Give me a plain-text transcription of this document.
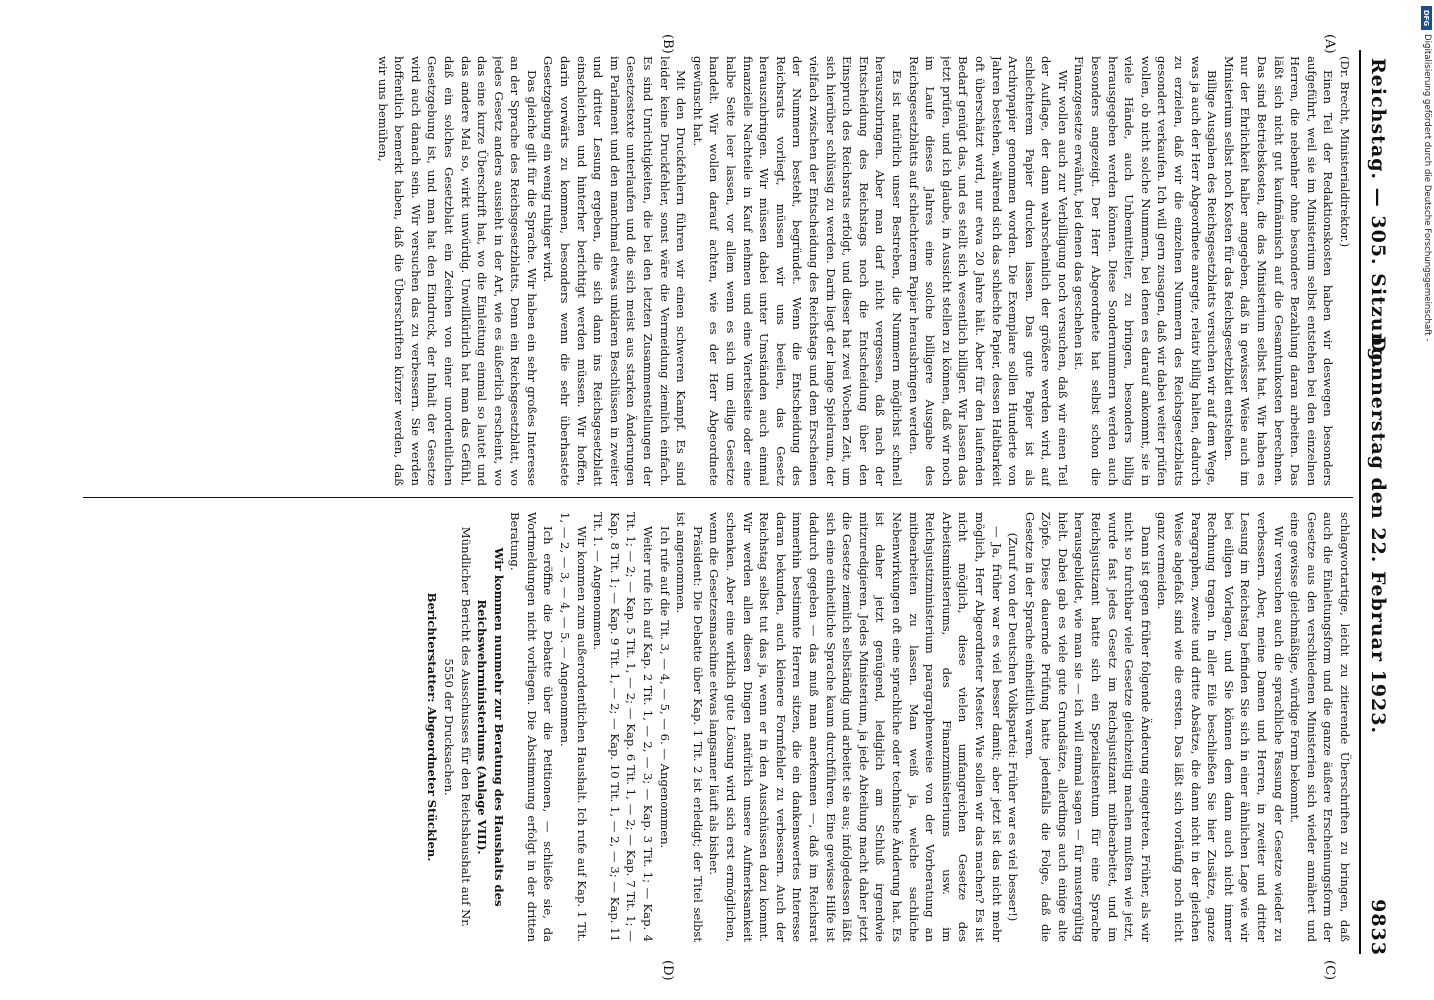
Reichstag. — 305. Sitzung.
Donnerstag den 22. Februar 1923.
9833
(A)
(B)
(C)
(D)

(Dr. Brecht, Ministerialdirektor.)

Einen Teil der Redaktionskosten haben wir deswegen besonders aufgeführt, weil sie im Ministerium selbst entstehen bei den einzelnen Herren, die nebenher ohne besondere Bezahlung daran arbeiten. Das läßt sich nicht gut kaufmännisch auf die Gesamtunkosten berechnen. Das sind Betriebskosten, die das Ministerium selbst hat. Wir haben es nur der Ehrlichkeit halber angegeben, daß in gewisser Weise auch im Ministerium selbst noch Kosten für das Reichsgesetzblatt entstehen.

Billige Ausgaben des Reichsgesetzblatts versuchen wir auf dem Wege, was ja auch der Herr Abgeordnete anregte, relativ billig halten, dadurch zu erzielen, daß wir die einzelnen Nummern des Reichsgesetzblatts gesondert verkaufen. Ich will gern zusagen, daß wir dabei weiter prüfen wollen, ob nicht solche Nummern, bei denen es darauf ankommt, sie in viele Hände, auch Unbemittelter, zu bringen, besonders billig herausgegeben werden können. Diese Sondernummern werden auch besonders angezeigt. Der Herr Abgeordnete hat selbst schon die Finanzgesetze erwähnt, bei denen das geschehen ist.

Wir wollen auch zur Verbilligung noch versuchen, daß wir einen Teil der Auflage, der dann wahrscheinlich der größere werden wird, auf schlechterem Papier drucken lassen. Das gute Papier ist als Archivpapier genommen worden. Die Exemplare sollen Hunderte von Jahren bestehen, während sich das schlechte Papier, dessen Haltbarkeit oft überschätzt wird, nur etwa 20 Jahre hält. Aber für den laufenden Bedarf genügt das, und es stellt sich wesentlich billiger. Wir lassen das jetzt prüfen, und ich glaube, in Aussicht stellen zu können, daß wir noch im Laufe dieses Jahres eine solche billigere Ausgabe des Reichsgesetzblatts auf schlechterem Papier herausbringen werden.

Es ist natürlich unser Bestreben, die Nummern möglichst schnell herauszubringen. Aber man darf nicht vergessen, daß nach der Entscheidung des Reichstags noch die Entscheidung über den Einspruch des Reichsrats erfolgt, und dieser hat zwei Wochen Zeit, um sich hierüber schlüssig zu werden. Darin liegt der lange Spielraum, der vielfach zwischen der Entscheidung des Reichstags und dem Erscheinen der Nummern besteht, begründet. Wenn die Entscheidung des Reichsrats vorliegt, müssen wir uns beeilen, das Gesetz herauszubringen. Wir müssen dabei unter Umständen auch einmal finanzielle Nachteile in Kauf nehmen und eine Viertelseite oder eine halbe Seite leer lassen, vor allem wenn es sich um eilige Gesetze handelt. Wir wollen darauf achten, wie es der Herr Abgeordnete gewünscht hat.

Mit den Druckfehlern führen wir einen schweren Kampf. Es sind leider keine Druckfehler, sonst wäre die Vermeidung ziemlich einfach. Es sind Unrichtigkeiten, die bei den letzten Zusammenstellungen der Gesetzestexte unterlaufen und die sich meist aus starken Änderungen im Parlament und den manchmal etwas unklaren Beschlüssen in zweiter und dritter Lesung ergeben, die sich dann ins Reichsgesetzblatt einschleichen und hinterher berichtigt werden müssen. Wir hoffen, darin vorwärts zu kommen, besonders wenn die sehr überhastete Gesetzgebung ein wenig ruhiger wird.

Das gleiche gilt für die Sprache. Wir haben ein sehr großes Interesse an der Sprache des Reichsgesetzblatts. Denn ein Reichsgesetzblatt, wo jedes Gesetz anders aussieht in der Art, wie es äußerlich erscheint, wo das eine kurze Überschrift hat, wo die Einleitung einmal so lautet und das andere Mal so, wirkt unwürdig. Unwillkürlich hat man das Gefühl, daß ein solches Gesetzblatt ein Zeichen von einer unordentlichen Gesetzgebung ist, und man hat den Eindruck, der Inhalt der Gesetze wird auch danach sein. Wir versuchen das zu verbessern. Sie werden hoffentlich bemerkt haben, daß die Überschriften kürzer werden, daß wir uns bemühen,

schlagwortartige, leicht zu zitierende Überschriften zu bringen, daß auch die Einleitungsform und die ganze äußere Erscheinungsform der Gesetze aus den verschiedenen Ministerien sich wieder annähert und eine gewisse gleichmäßige, würdige Form bekommt.

Wir versuchen auch die sprachliche Fassung der Gesetze wieder zu verbessern. Aber, meine Damen und Herren, in zweiter und dritter Lesung im Reichstag befinden Sie sich in einer ähnlichen Lage wie wir bei eiligen Vorlagen, und Sie können dem dann auch nicht immer Rechnung tragen. In aller Eile beschließen Sie hier Zusätze, ganze Paragraphen, zweite und dritte Absätze, die dann nicht in der gleichen Weise abgefaßt sind wie die ersten. Das läßt sich vorläufig noch nicht ganz vermeiden.

Dann ist gegen früher folgende Änderung eingetreten. Früher, als wir nicht so furchtbar viele Gesetze gleichzeitig machen mußten wie jetzt, wurde fast jedes Gesetz im Reichsjustizamt mitbearbeitet, und im Reichsjustizamt hatte sich ein Spezialistentum für eine Sprache herausgebildet, wie man sie — ich will einmal sagen — für mustergültig hielt. Dabei gab es viele gute Grundsätze, allerdings auch einige alte Zöpfe. Diese dauernde Prüfung hatte jedenfalls die Folge, daß die Gesetze in der Sprache einheitlich waren.

(Zuruf von der Deutschen Volkspartei: Früher war es viel besser!)

— Ja, früher war es viel besser damit; aber jetzt ist das nicht mehr möglich, Herr Abgeordneter Mester. Wie sollen wir das machen? Es ist nicht möglich, diese vielen umfangreichen Gesetze des Arbeitsministeriums, des Finanzministeriums usw. im Reichsjustizministerium paragraphenweise von der Vorberatung an mitbearbeiten zu lassen. Man weiß ja, welche sachliche Nebenwirkungen oft eine sprachliche oder technische Änderung hat. Es ist daher jetzt genügend, lediglich am Schluß irgendwie mitzuredigieren. Jedes Ministerium, ja jede Abteilung macht daher jetzt die Gesetze ziemlich selbständig und arbeitet sie aus; infolgedessen läßt sich eine einheitliche Sprache kaum durchführen. Eine gewisse Hilfe ist dadurch gegeben — das muß man anerkennen —, daß im Reichsrat immerhin bestimmte Herren sitzen, die ein dankenswertes Interesse daran bekunden, auch kleinere Formfehler zu verbessern. Auch der Reichstag selbst tut das ja, wenn er in den Ausschüssen dazu kommt. Wir werden allen diesen Dingen natürlich unsere Aufmerksamkeit schenken. Aber eine wirklich gute Lösung wird sich erst ermöglichen, wenn die Gesetzesmaschine etwas langsamer läuft als bisher.

Präsident: Die Debatte über Kap. 1 Tit. 2 ist erledigt; der Titel selbst ist angenommen.

Ich rufe auf die Tit. 3, — 4, — 5, — 6. — Angenommen.

Weiter rufe ich auf Kap. 2 Tit. 1, — 2, — 3; — Kap. 3 Tit. 1; — Kap. 4 Tit. 1; — 2; — Kap. 5 Tit. 1, — 2; — Kap. 6 Tit. 1, — 2; — Kap. 7 Tit. 1; — Kap. 8 Tit. 1; — Kap. 9 Tit. 1, — 2; — Kap. 10 Tit. 1, — 2, — 3; — Kap. 11 Tit. 1. — Angenommen.

Wir kommen zum außerordentlichen Haushalt. Ich rufe auf Kap. 1 Tit. 1, — 2, — 3, — 4, — 5. — Angenommen.

Ich eröffne die Debatte über die Petitionen, — schließe sie, da Wortmeldungen nicht vorliegen. Die Abstimmung erfolgt in der dritten Beratung.

Wir kommen nunmehr zur Beratung des Haushalts des Reichswehrministeriums (Anlage VIII).

Mündlicher Bericht des Ausschusses für den Reichshaushalt auf Nr. 5550 der Drucksachen.

Berichterstatter: Abgeordneter Stücklen.

DFG
Digitalisierung gefördert durch die Deutsche Forschungsgemeinschaft -
